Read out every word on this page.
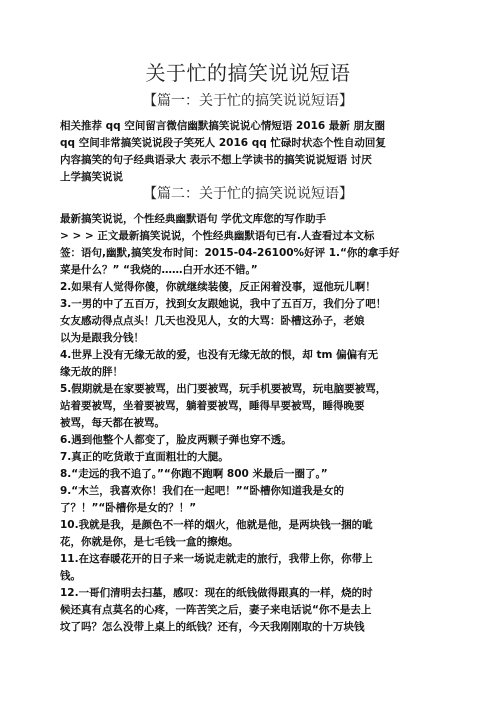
关于忙的搞笑说说短语
【篇一：关于忙的搞笑说说短语】
相关推荐 qq 空间留言微信幽默搞笑说说心情短语 2016 最新 朋友圈
qq 空间非常搞笑说说段子笑死人 2016 qq 忙碌时状态个性自动回复
内容搞笑的句子经典语录大 表示不想上学读书的搞笑说说短语 讨厌
上学搞笑说说
【篇二：关于忙的搞笑说说短语】
最新搞笑说说，个性经典幽默语句 学优文库您的写作助手
> > > 正文最新搞笑说说，个性经典幽默语句已有.人查看过本文标
签：语句,幽默,搞笑发布时间：2015-04-26100%好评 1.“你的拿手好
菜是什么？” “我烧的……白开水还不错。”
2.如果有人觉得你傻，你就继续装傻，反正闲着没事，逗他玩儿啊！
3.一男的中了五百万，找到女友跟她说，我中了五百万，我们分了吧！
女友感动得点点头！几天也没见人，女的大骂：卧槽这孙子，老娘
以为是跟我分钱！
4.世界上没有无缘无故的爱，也没有无缘无故的恨，却 tm 偏偏有无
缘无故的胖！
5.假期就是在家要被骂，出门要被骂，玩手机要被骂，玩电脑要被骂，
站着要被骂，坐着要被骂，躺着要被骂，睡得早要被骂，睡得晚要
被骂，每天都在被骂。
6.遇到他整个人都变了，脸皮两颗子弹也穿不透。
7.真正的吃货敢于直面粗壮的大腿。
8.“走远的我不追了。”“你跑不跑啊 800 米最后一圈了。”
9.“木兰，我喜欢你！我们在一起吧！”“卧槽你知道我是女的
了？！”“卧槽你是女的？！”
10.我就是我，是颜色不一样的烟火，他就是他，是两块钱一捆的呲
花，你就是你，是七毛钱一盒的擦炮。
11.在这春暖花开的日子来一场说走就走的旅行，我带上你，你带上
钱。
12.一哥们清明去扫墓，感叹：现在的纸钱做得跟真的一样，烧的时
候还真有点莫名的心疼，一阵苦笑之后，妻子来电话说“你不是去上
坟了吗？怎么没带上桌上的纸钱？还有，今天我刚刚取的十万块钱
